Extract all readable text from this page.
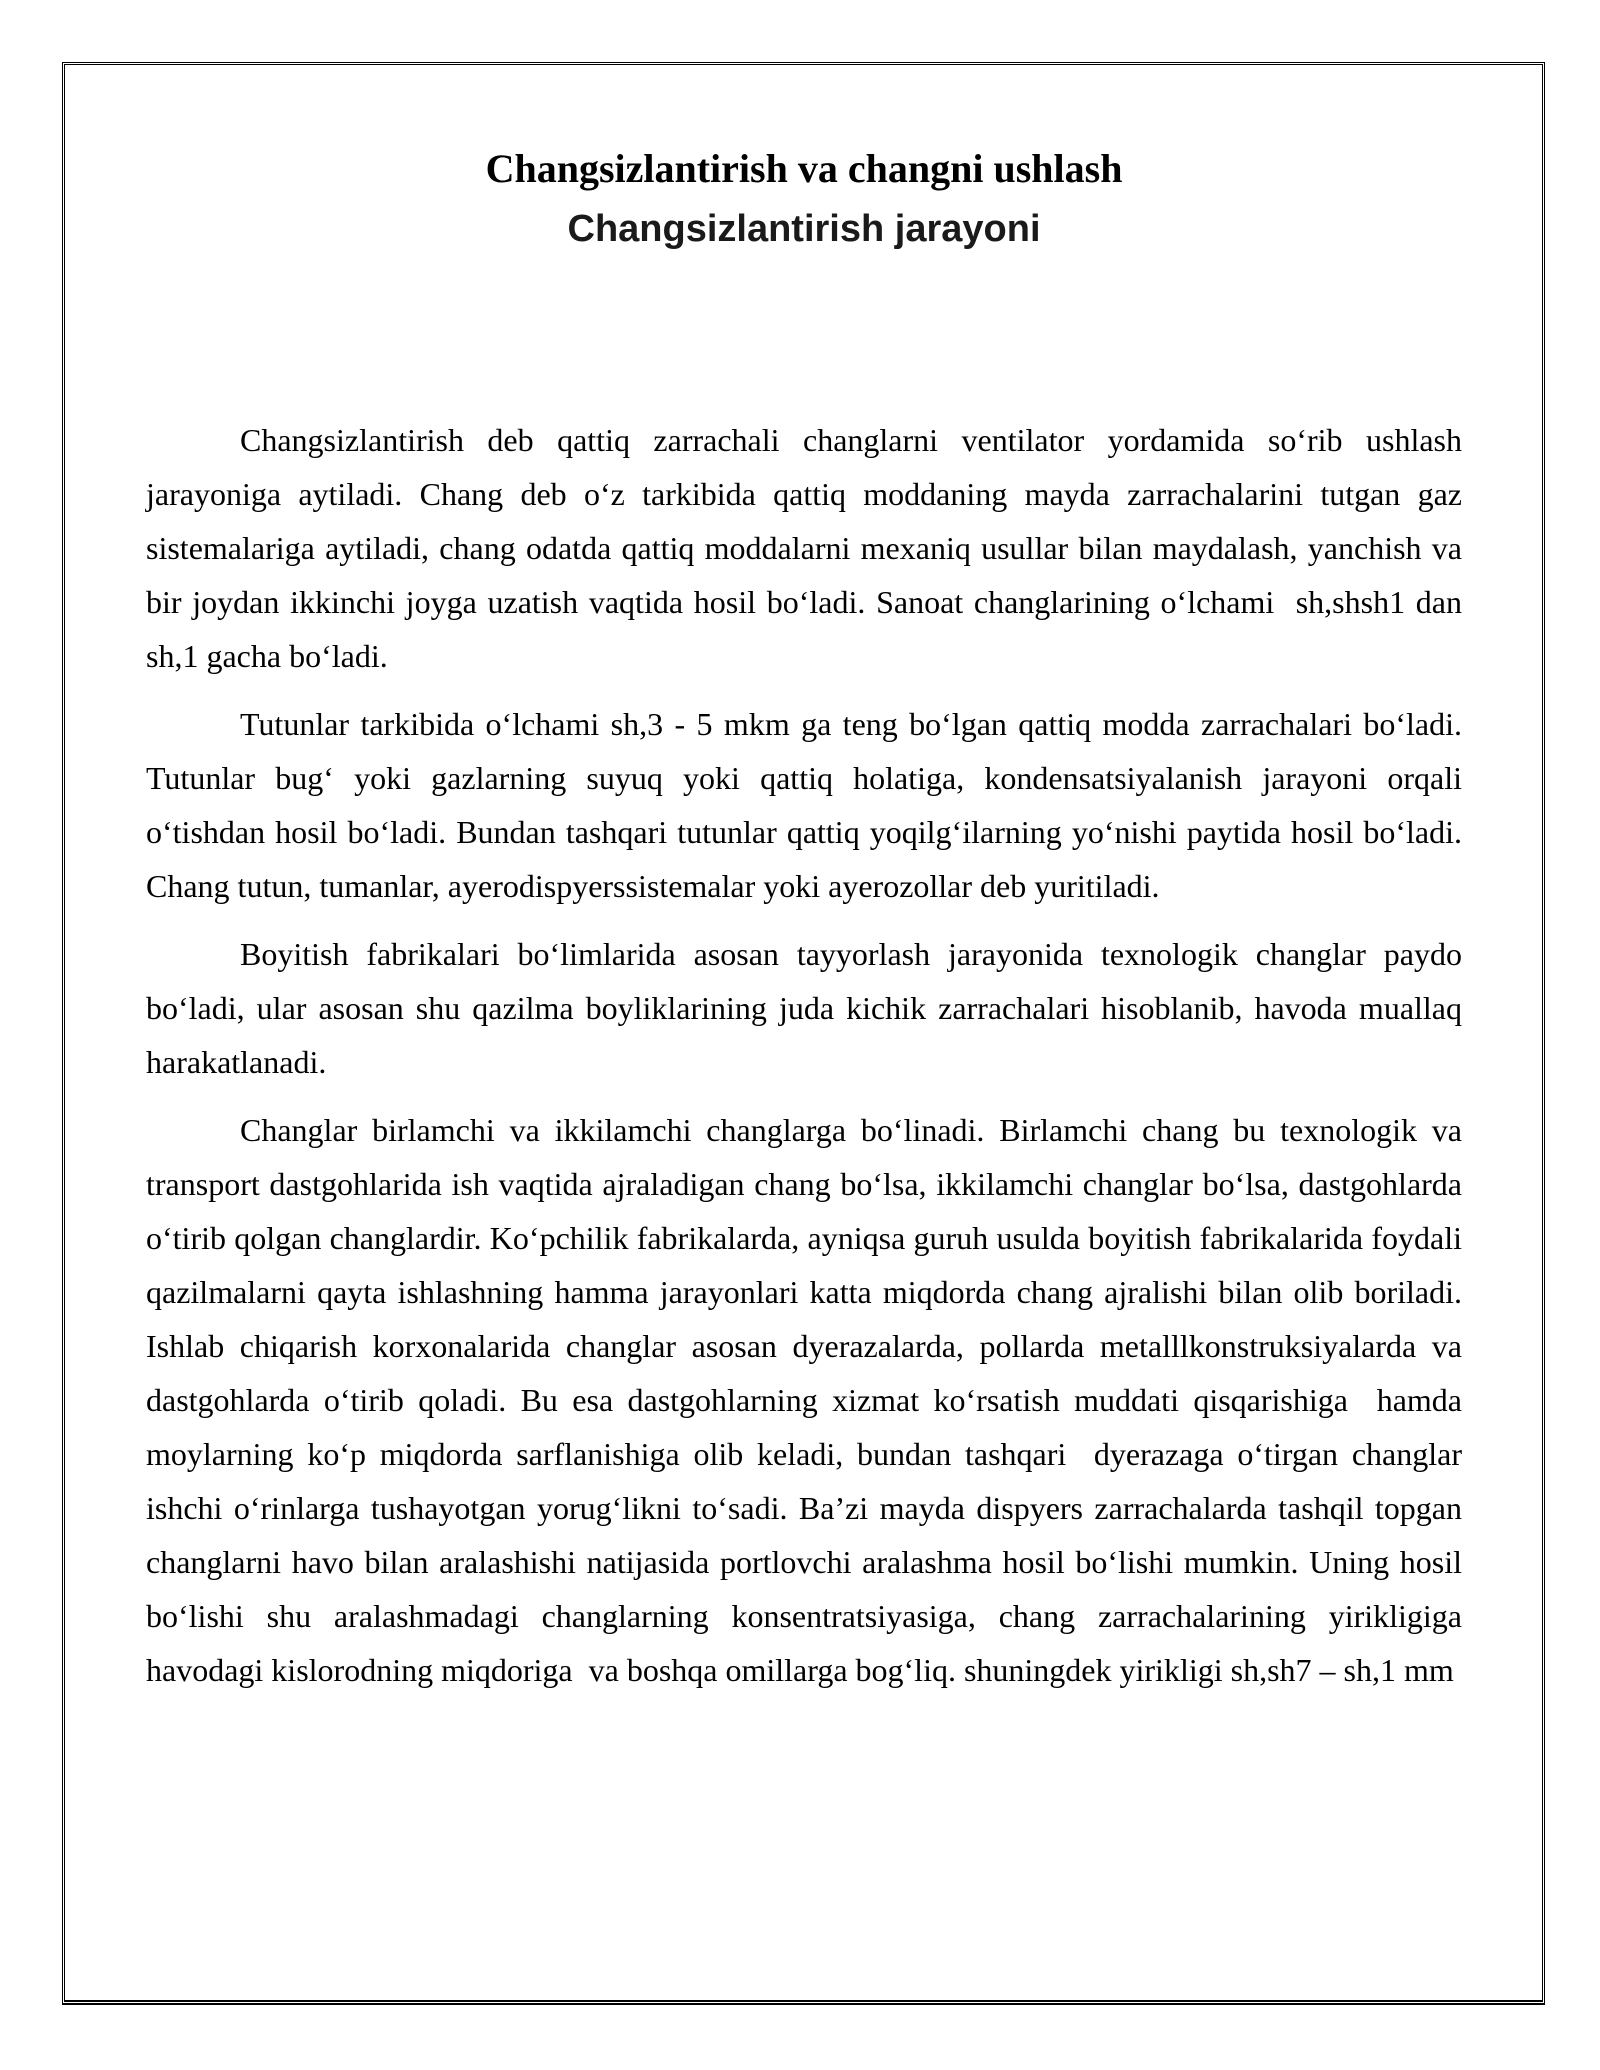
Changsizlantirish va changni ushlash
Changsizlantirish jarayoni

Changsizlantirish deb qattiq zarrachali changlarni ventilator yordamida so‘rib ushlash jarayoniga aytiladi. Chang deb o‘z tarkibida qattiq moddaning mayda zarrachalarini tutgan gaz sistemalariga aytiladi, chang odatda qattiq moddalarni mexaniq usullar bilan maydalash, yanchish va bir joydan ikkinchi joyga uzatish vaqtida hosil bo‘ladi. Sanoat changlarining o‘lchami  sh,shsh1 dan sh,1 gacha bo‘ladi.

Tutunlar tarkibida o‘lchami sh,3 - 5 mkm ga teng bo‘lgan qattiq modda zarrachalari bo‘ladi. Tutunlar bug‘ yoki gazlarning suyuq yoki qattiq holatiga, kondensatsiyalanish jarayoni orqali o‘tishdan hosil bo‘ladi. Bundan tashqari tutunlar qattiq yoqilg‘ilarning yo‘nishi paytida hosil bo‘ladi. Chang tutun, tumanlar, ayerodispyerssistemalar yoki ayerozollar deb yuritiladi.

Boyitish fabrikalari bo‘limlarida asosan tayyorlash jarayonida texnologik changlar paydo bo‘ladi, ular asosan shu qazilma boyliklarining juda kichik zarrachalari hisoblanib, havoda muallaq harakatlanadi.

Changlar birlamchi va ikkilamchi changlarga bo‘linadi. Birlamchi chang bu texnologik va transport dastgohlarida ish vaqtida ajraladigan chang bo‘lsa, ikkilamchi changlar bo‘lsa, dastgohlarda o‘tirib qolgan changlardir. Ko‘pchilik fabrikalarda, ayniqsa guruh usulda boyitish fabrikalarida foydali qazilmalarni qayta ishlashning hamma jarayonlari katta miqdorda chang ajralishi bilan olib boriladi. Ishlab chiqarish korxonalarida changlar asosan dyerazalarda, pollarda metalllkonstruksiyalarda va dastgohlarda o‘tirib qoladi. Bu esa dastgohlarning xizmat ko‘rsatish muddati qisqarishiga  hamda moylarning ko‘p miqdorda sarflanishiga olib keladi, bundan tashqari  dyerazaga o‘tirgan changlar ishchi o‘rinlarga tushayotgan yorug‘likni to‘sadi. Ba’zi mayda dispyers zarrachalarda tashqil topgan changlarni havo bilan aralashishi natijasida portlovchi aralashma hosil bo‘lishi mumkin. Uning hosil bo‘lishi shu aralashmadagi changlarning konsentratsiyasiga, chang zarrachalarining yirikligiga  havodagi kislorodning miqdoriga  va boshqa omillarga bog‘liq. shuningdek yirikligi sh,sh7 – sh,1 mm
